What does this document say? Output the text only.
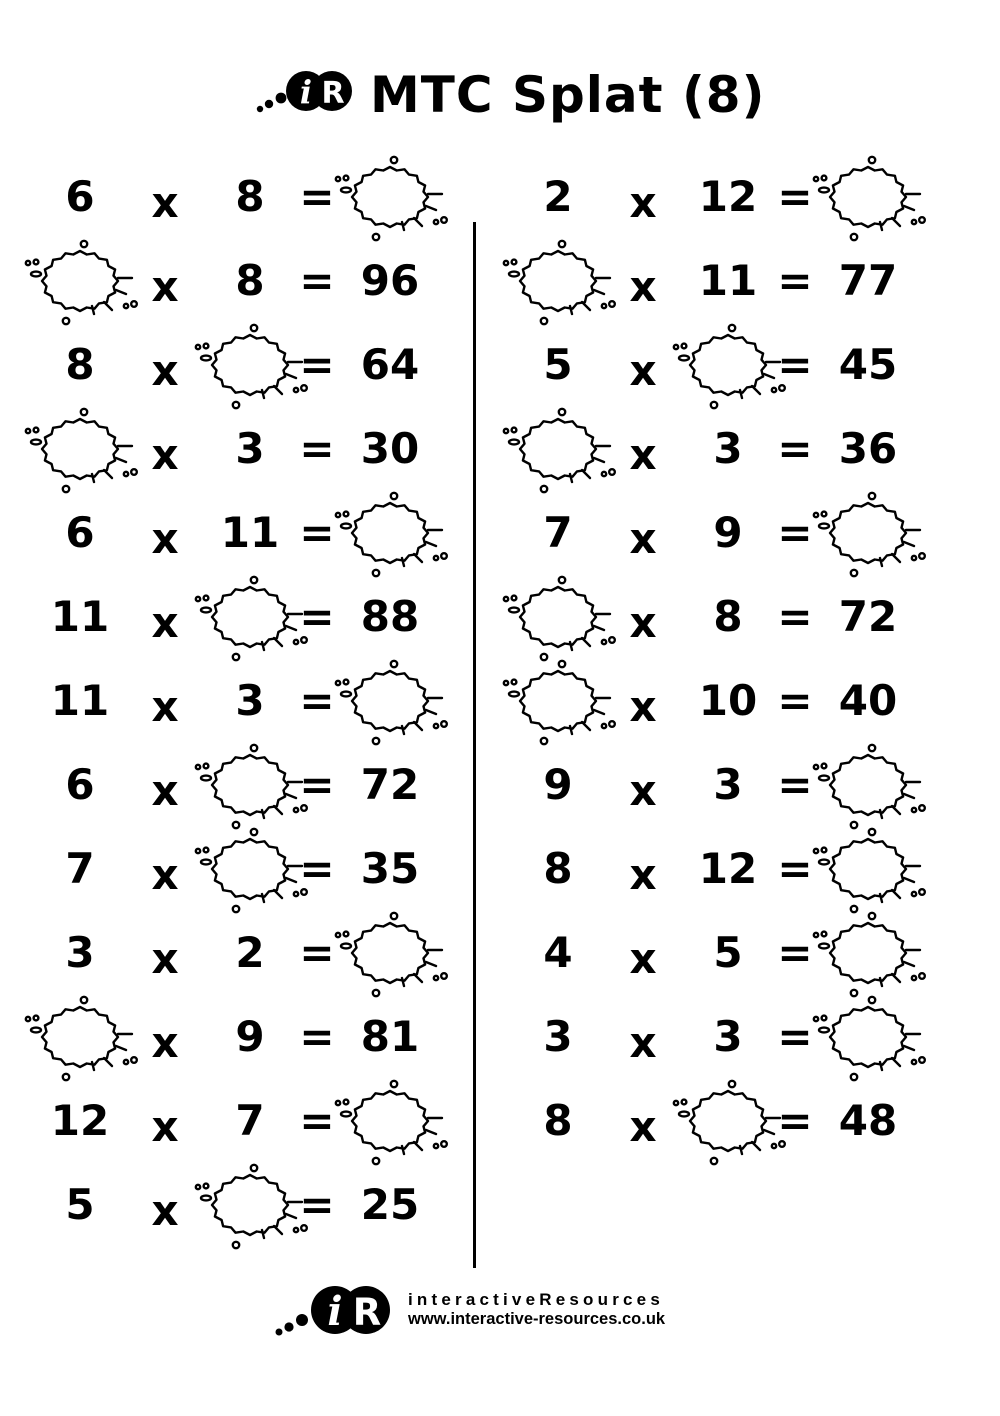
i R MTC Splat (8)
6	x	8 =
x	8 = 96
8	x	= 64
x	3 = 30
6	x	11 =
11	x	= 88
11	x	3 =
6	x	= 72
7	x	= 35
3	x	2 =
x	9 = 81
12	x	7 =
5	x	= 25
2	x	12 =
x	11 = 77
5	x	= 45
x	3 = 36
7	x	9 =
x	8 = 72
x	10 = 40
9	x	3 =
8	x	12 =
4	x	5 =
3	x	3 =
8	x	= 48
i R interactiveResources
www.interactive-resources.co.uk
